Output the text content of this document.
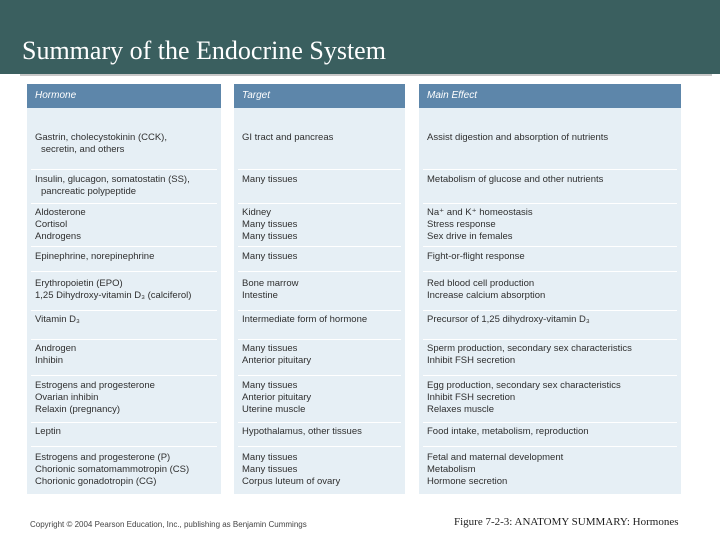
Summary of the Endocrine System
Hormone
Gastrin, cholecystokinin (CCK),
secretin, and others
Insulin, glucagon, somatostatin (SS),
pancreatic polypeptide
Aldosterone
Cortisol
Androgens
Epinephrine, norepinephrine
Erythropoietin (EPO)
1,25 Dihydroxy-vitamin D₃ (calciferol)
Vitamin D₃
Androgen
Inhibin
Estrogens and progesterone
Ovarian inhibin
Relaxin (pregnancy)
Leptin
Estrogens and progesterone (P)
Chorionic somatomammotropin (CS)
Chorionic gonadotropin (CG)
Target
GI tract and pancreas
Many tissues
Kidney
Many tissues
Many tissues
Many tissues
Bone marrow
Intestine
Intermediate form of hormone
Many tissues
Anterior pituitary
Many tissues
Anterior pituitary
Uterine muscle
Hypothalamus, other tissues
Many tissues
Many tissues
Corpus luteum of ovary
Main Effect
Assist digestion and absorption of nutrients
Metabolism of glucose and other nutrients
Na⁺ and K⁺ homeostasis
Stress response
Sex drive in females
Fight-or-flight response
Red blood cell production
Increase calcium absorption
Precursor of 1,25 dihydroxy-vitamin D₃
Sperm production, secondary sex characteristics
Inhibit FSH secretion
Egg production, secondary sex characteristics
Inhibit FSH secretion
Relaxes muscle
Food intake, metabolism, reproduction
Fetal and maternal development
Metabolism
Hormone secretion
Copyright © 2004 Pearson Education, Inc., publishing as Benjamin Cummings	Figure 7-2-3: ANATOMY SUMMARY: Hormones
